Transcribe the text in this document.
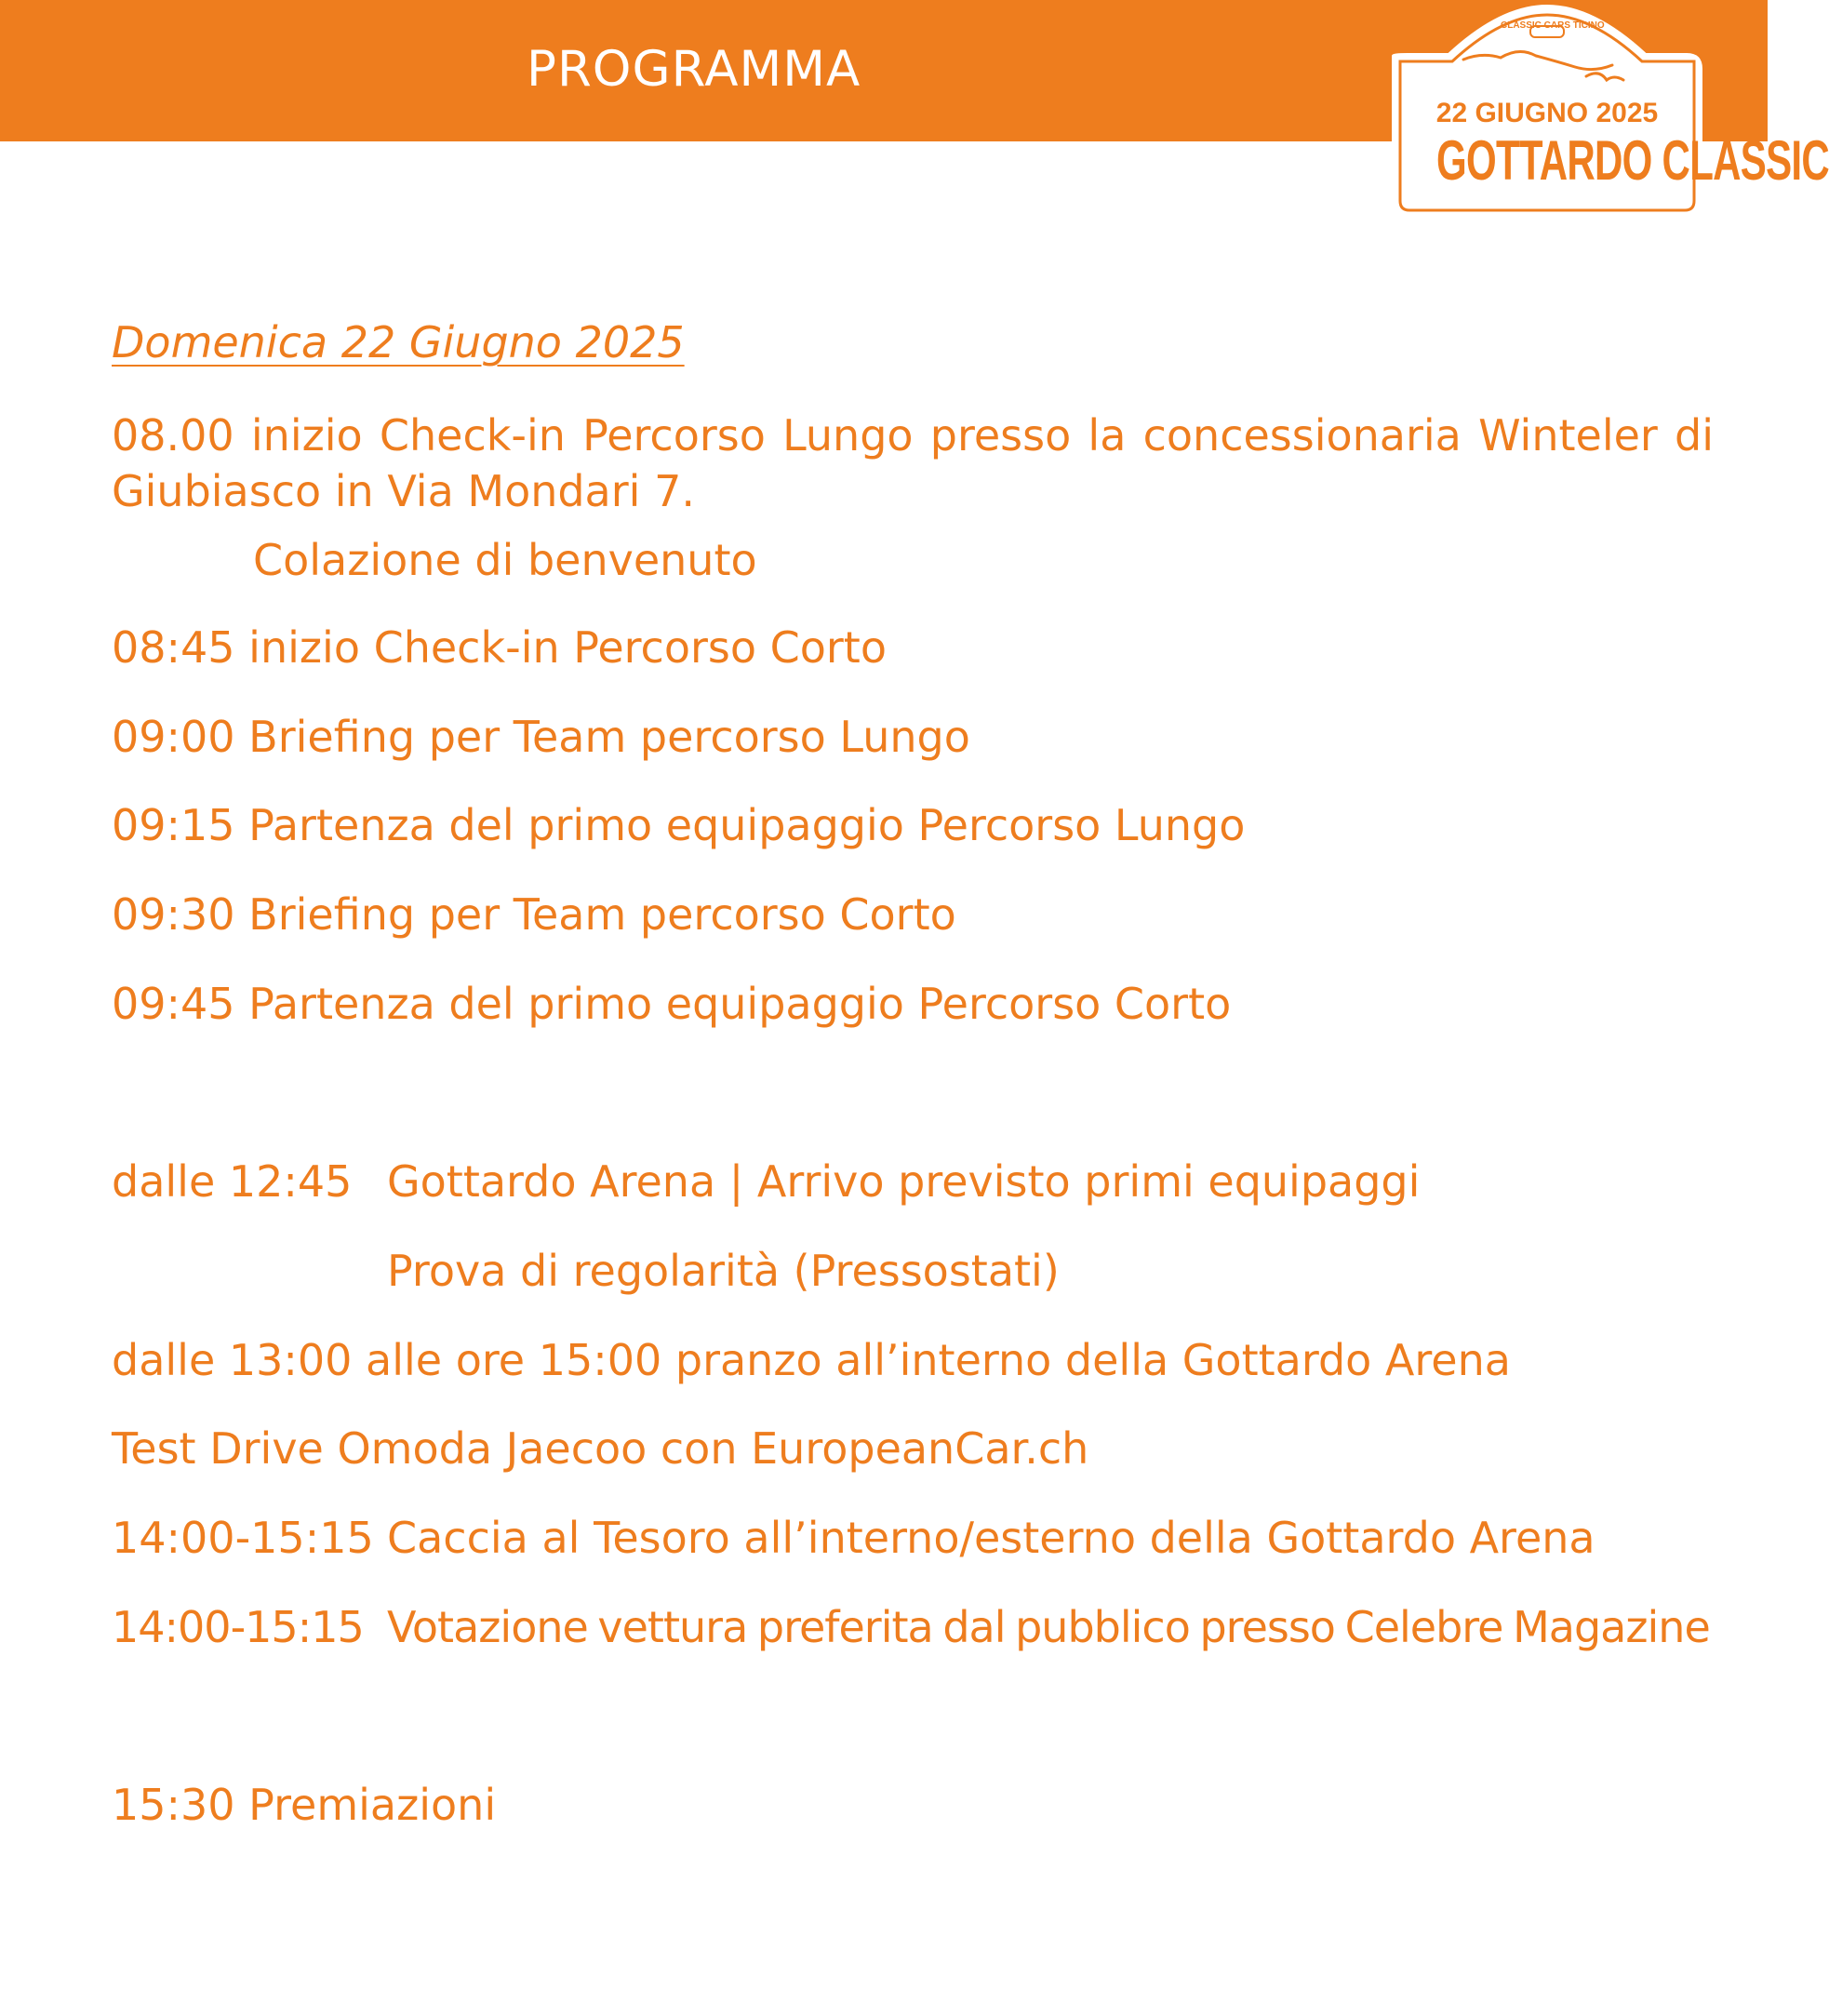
PROGRAMMA
CLASSIC CARS TICINO
22 GIUGNO 2025
GOTTARDO CLASSIC
Domenica 22 Giugno 2025
08.00 inizio Check-in Percorso Lungo presso la concessionaria Winteler di Giubiasco in Via Mondari 7.
Colazione di benvenuto
08:45 inizio Check-in Percorso Corto
09:00 Briefing per Team percorso Lungo
09:15 Partenza del primo equipaggio Percorso Lungo
09:30 Briefing per Team percorso Corto
09:45 Partenza del primo equipaggio Percorso Corto
dalle 12:45 Gottardo Arena | Arrivo previsto primi equipaggi
Prova di regolarità (Pressostati)
dalle 13:00 alle ore 15:00 pranzo all’interno della Gottardo Arena
Test Drive Omoda Jaecoo con EuropeanCar.ch
14:00-15:15 Caccia al Tesoro all’interno/esterno della Gottardo Arena
14:00-15:15 Votazione vettura preferita dal pubblico presso Celebre Magazine
15:30 Premiazioni
